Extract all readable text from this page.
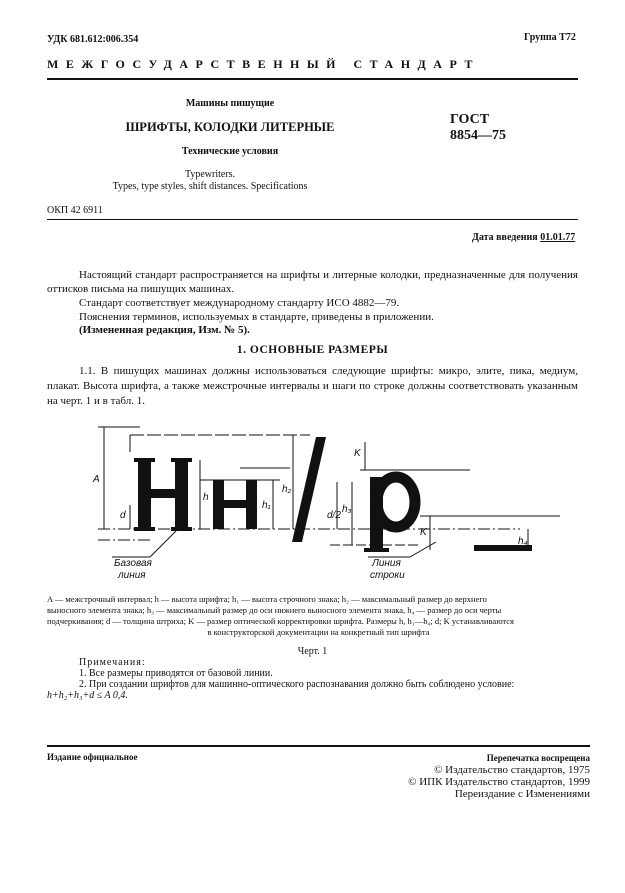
УДК 681.612:006.354	Группа Т72
МЕЖГОСУДАРСТВЕННЫЙ СТАНДАРТ
Машины пишущие
ШРИФТЫ, КОЛОДКИ ЛИТЕРНЫЕ
Технические условия
Typewriters.
Types, type styles, shift distances. Specifications
ГОСТ
8854—75
ОКП 42 6911
Дата введения 01.01.77
Настоящий стандарт распространяется на шрифты и литерные колодки, предназначенные для получения оттисков письма на пишущих машинах.
Стандарт соответствует международному стандарту ИСО 4882—79.
Пояснения терминов, используемых в стандарте, приведены в приложении.
(Измененная редакция, Изм. № 5).
1. ОСНОВНЫЕ РАЗМЕРЫ
1.1. В пишущих машинах должны использоваться следующие шрифты: микро, элите, пика, медиум, плакат. Высота шрифта, а также межстрочные интервалы и шаги по строке должны соответствовать указанным на черт. 1 и в табл. 1.
A
d
h
h₁
h₂
d/2
h₃
K
K
h₄
Базовая
линия
Линия
строки
A — межстрочный интервал; h — высота шрифта; h₁ — высота строчного знака; h₂ — максимальный размер до верхнего
выносного элемента знака; h₃ — максимальный размер до оси нижнего выносного элемента знака, h₄ — размер до оси черты
подчеркивания; d — толщина штриха; K — размер оптической корректировки шрифта. Размеры h, h₁—h₄; d; K устанавливаются
в конструкторской документации на конкретный тип шрифта
Черт. 1
Примечания:
1. Все размеры приводятся от базовой линии.
2. При создании шрифтов для машинно-оптического распознавания должно быть соблюдено условие:
h+h₂+h₃+d ≤ A 0,4.
Издание официальное	Перепечатка воспрещена
© Издательство стандартов, 1975
© ИПК Издательство стандартов, 1999
Переиздание с Изменениями
